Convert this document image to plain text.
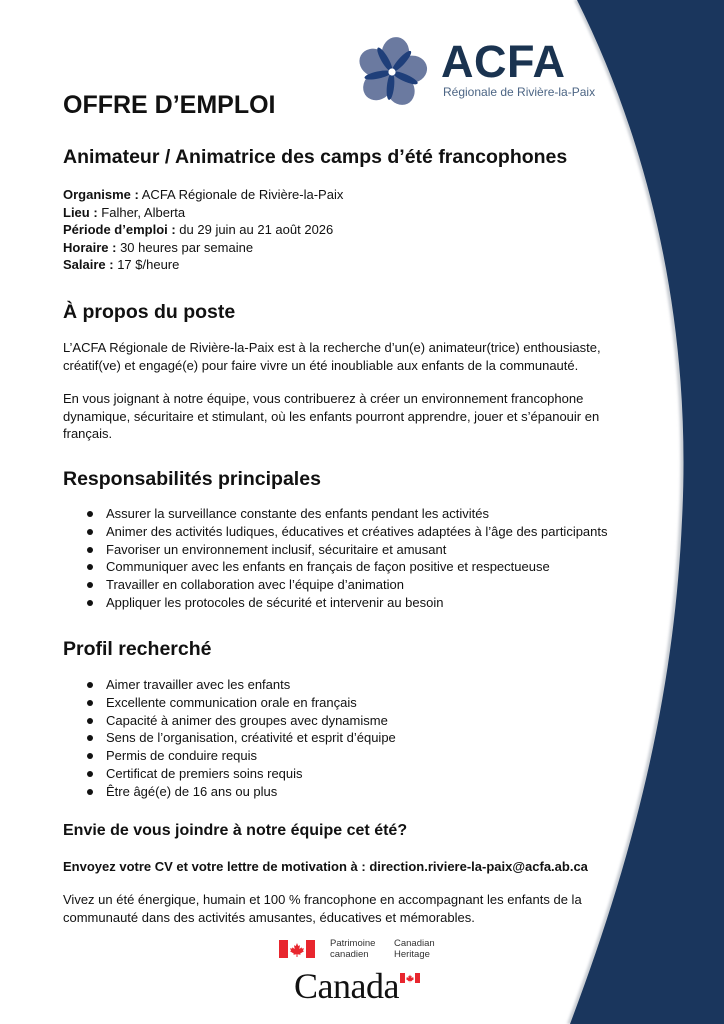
ACFA
Régionale de Rivière-la-Paix
OFFRE D’EMPLOI
Animateur / Animatrice des camps d’été francophones
Organisme : ACFA Régionale de Rivière-la-Paix
Lieu : Falher, Alberta
Période d’emploi : du 29 juin au 21 août 2026
Horaire : 30 heures par semaine
Salaire : 17 $/heure
À propos du poste
L’ACFA Régionale de Rivière-la-Paix est à la recherche d’un(e) animateur(trice) enthousiaste, créatif(ve) et engagé(e) pour faire vivre un été inoubliable aux enfants de la communauté.
En vous joignant à notre équipe, vous contribuerez à créer un environnement francophone dynamique, sécuritaire et stimulant, où les enfants pourront apprendre, jouer et s’épanouir en français.
Responsabilités principales
Assurer la surveillance constante des enfants pendant les activités
Animer des activités ludiques, éducatives et créatives adaptées à l’âge des participants
Favoriser un environnement inclusif, sécuritaire et amusant
Communiquer avec les enfants en français de façon positive et respectueuse
Travailler en collaboration avec l’équipe d’animation
Appliquer les protocoles de sécurité et intervenir au besoin
Profil recherché
Aimer travailler avec les enfants
Excellente communication orale en français
Capacité à animer des groupes avec dynamisme
Sens de l’organisation, créativité et esprit d’équipe
Permis de conduire requis
Certificat de premiers soins requis
Être âgé(e) de 16 ans ou plus
Envie de vous joindre à notre équipe cet été?
Envoyez votre CV et votre lettre de motivation à : direction.riviere-la-paix@acfa.ab.ca
Vivez un été énergique, humain et 100 % francophone en accompagnant les enfants de la communauté dans des activités amusantes, éducatives et mémorables.
Patrimoine
canadien
Canadian
Heritage
Canada
